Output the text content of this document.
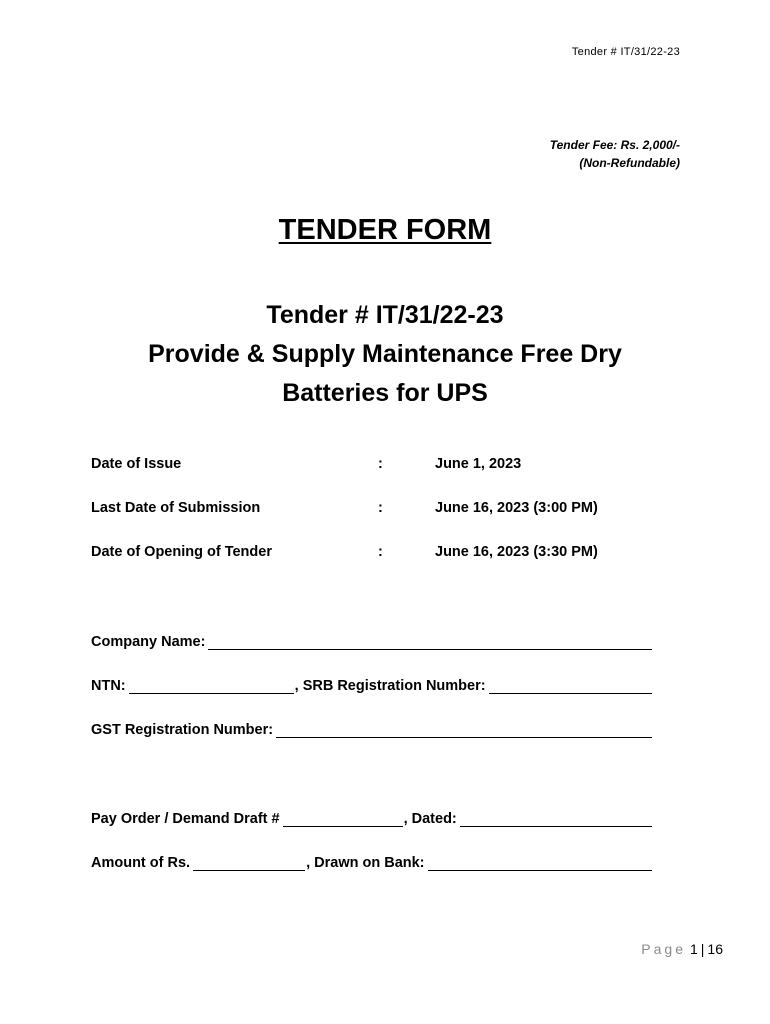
Tender # IT/31/22-23
Tender Fee: Rs. 2,000/-
(Non-Refundable)
TENDER FORM
Tender # IT/31/22-23
Provide & Supply Maintenance Free Dry
Batteries for UPS
Date of Issue	:	June 1, 2023
Last Date of Submission	:	June 16, 2023 (3:00 PM)
Date of Opening of Tender	:	June 16, 2023 (3:30 PM)
Company Name:
NTN:	, SRB Registration Number:
GST Registration Number:
Pay Order / Demand Draft #	, Dated:
Amount of Rs.	, Drawn on Bank:
Page 1 | 16
